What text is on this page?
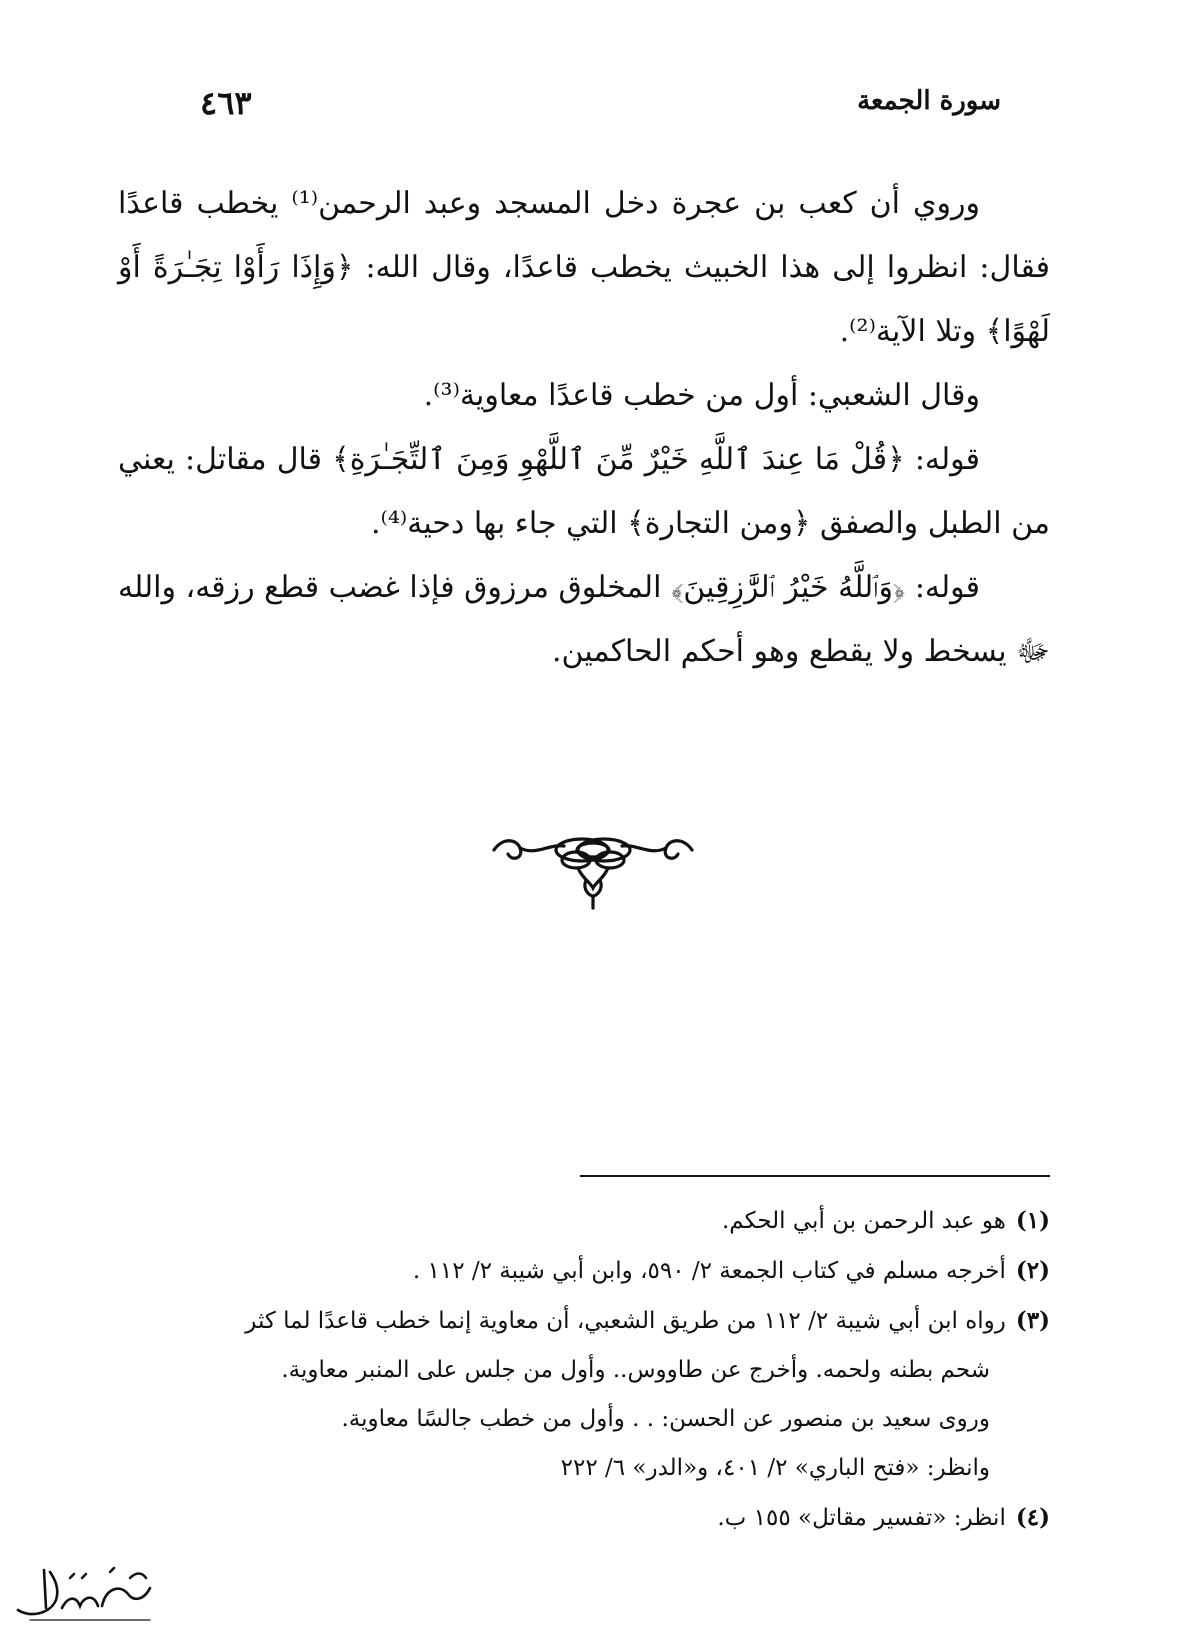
سورة الجمعة
٤٦٣

وروي أن كعب بن عجرة دخل المسجد وعبد الرحمن⁽¹⁾ يخطب قاعدًا فقال: انظروا إلى هذا الخبيث يخطب قاعدًا، وقال الله: ﴿وَإِذَا رَأَوْا تِجَـٰرَةً أَوْ لَهْوًا﴾ وتلا الآية⁽²⁾.

وقال الشعبي: أول من خطب قاعدًا معاوية⁽³⁾.

قوله: ﴿قُلْ مَا عِندَ ٱللَّهِ خَيْرٌ مِّنَ ٱللَّهْوِ وَمِنَ ٱلتِّجَـٰرَةِ﴾ قال مقاتل: يعني من الطبل والصفق ﴿ومن التجارة﴾ التي جاء بها دحية⁽⁴⁾.

قوله: ﴿وَٱللَّهُ خَيْرُ ٱلرَّٰزِقِينَ﴾ المخلوق مرزوق فإذا غضب قطع رزقه، والله ﷻ يسخط ولا يقطع وهو أحكم الحاكمين.

(١)هو عبد الرحمن بن أبي الحكم.

(٢)أخرجه مسلم في كتاب الجمعة ٢/ ٥٩٠، وابن أبي شيبة ٢/ ١١٢ .

(٣)رواه ابن أبي شيبة ٢/ ١١٢ من طريق الشعبي، أن معاوية إنما خطب قاعدًا لما كثر

شحم بطنه ولحمه. وأخرج عن طاووس.. وأول من جلس على المنبر معاوية.

وروى سعيد بن منصور عن الحسن: . . وأول من خطب جالسًا معاوية.

وانظر: «فتح الباري» ٢/ ٤٠١، و«الدر» ٦/ ٢٢٢

(٤)انظر: «تفسير مقاتل» ١٥٥ ب.
